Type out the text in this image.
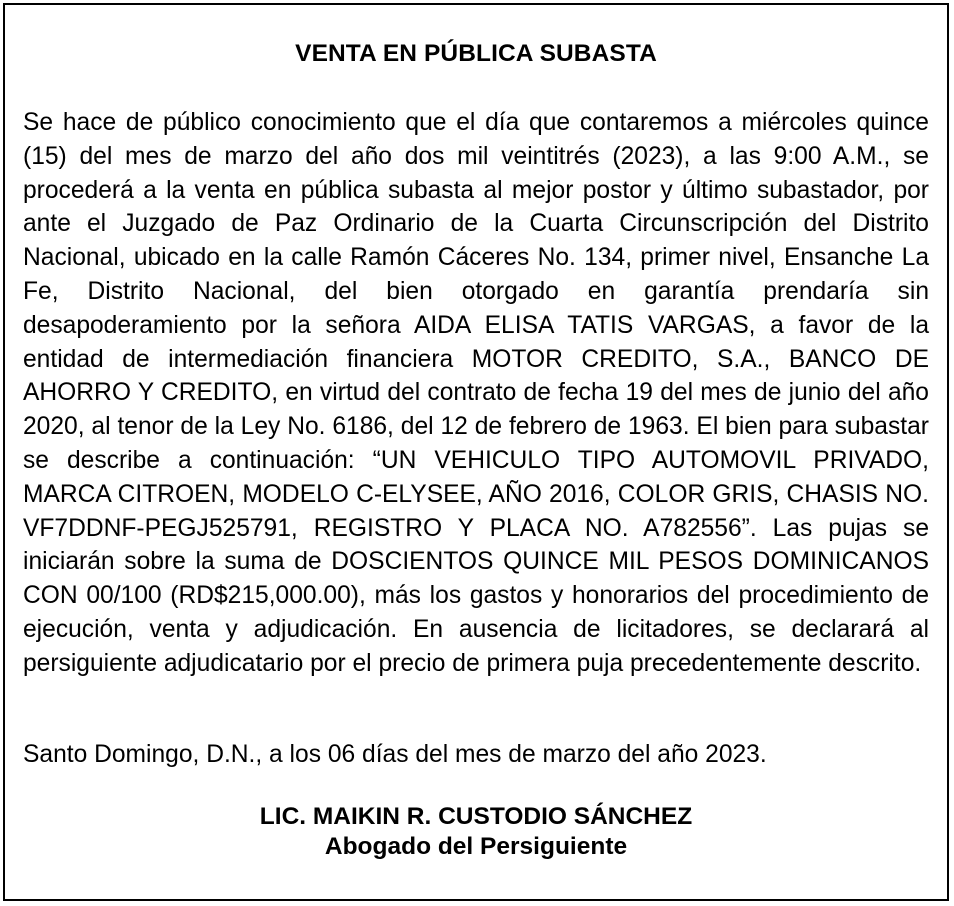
VENTA EN PÚBLICA SUBASTA
Se hace de público conocimiento que el día que contaremos a miércoles quince (15) del mes de marzo del año dos mil veintitrés (2023), a las 9:00 A.M., se procederá a la venta en pública subasta al mejor postor y último subastador, por ante el Juzgado de Paz Ordinario de la Cuarta Circunscripción del Distrito Nacional, ubicado en la calle Ramón Cáceres No. 134, primer nivel, Ensanche La Fe, Distrito Nacional, del bien otorgado en garantía prendaría sin desapoderamiento por la señora AIDA ELISA TATIS VARGAS, a favor de la entidad de intermediación financiera MOTOR CREDITO, S.A., BANCO DE AHORRO Y CREDITO, en virtud del contrato de fecha 19 del mes de junio del año 2020, al tenor de la Ley No. 6186, del 12 de febrero de 1963. El bien para subastar se describe a continuación: “UN VEHICULO TIPO AUTOMOVIL PRIVADO, MARCA CITROEN, MODELO C-ELYSEE, AÑO 2016, COLOR GRIS, CHASIS NO. VF7DDNF-PEGJ525791, REGISTRO Y PLACA NO. A782556”. Las pujas se iniciarán sobre la suma de DOSCIENTOS QUINCE MIL PESOS DOMINICANOS CON 00/100 (RD$215,000.00), más los gastos y honorarios del procedimiento de ejecución, venta y adjudicación. En ausencia de licitadores, se declarará al persiguiente adjudicatario por el precio de primera puja precedentemente descrito.
Santo Domingo, D.N., a los 06 días del mes de marzo del año 2023.
LIC. MAIKIN R. CUSTODIO SÁNCHEZ
Abogado del Persiguiente
